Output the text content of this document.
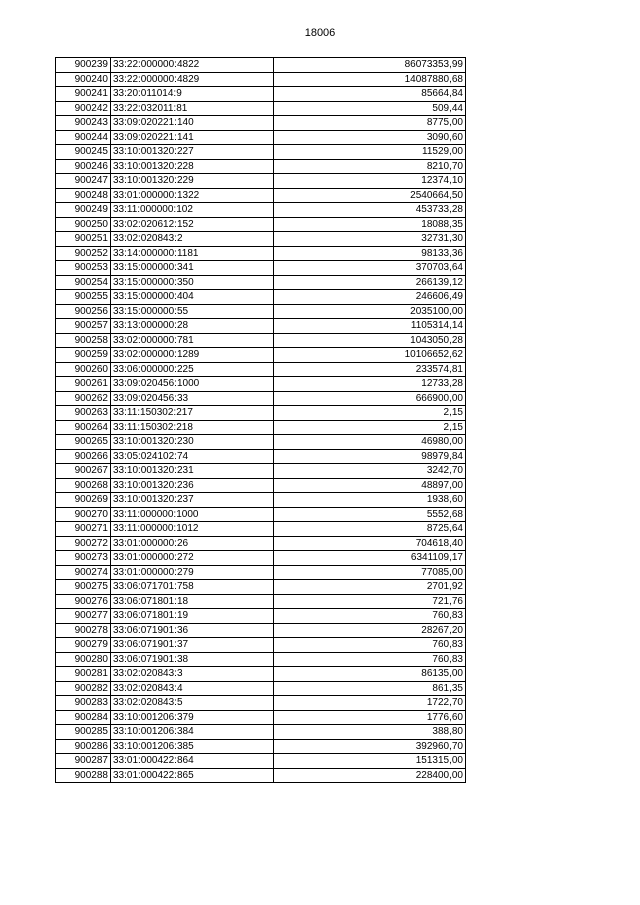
18006
900239	33:22:000000:4822	86073353,99
900240	33:22:000000:4829	14087880,68
900241	33:20:011014:9	85664,84
900242	33:22:032011:81	509,44
900243	33:09:020221:140	8775,00
900244	33:09:020221:141	3090,60
900245	33:10:001320:227	11529,00
900246	33:10:001320:228	8210,70
900247	33:10:001320:229	12374,10
900248	33:01:000000:1322	2540664,50
900249	33:11:000000:102	453733,28
900250	33:02:020612:152	18088,35
900251	33:02:020843:2	32731,30
900252	33:14:000000:1181	98133,36
900253	33:15:000000:341	370703,64
900254	33:15:000000:350	266139,12
900255	33:15:000000:404	246606,49
900256	33:15:000000:55	2035100,00
900257	33:13:000000:28	1105314,14
900258	33:02:000000:781	1043050,28
900259	33:02:000000:1289	10106652,62
900260	33:06:000000:225	233574,81
900261	33:09:020456:1000	12733,28
900262	33:09:020456:33	666900,00
900263	33:11:150302:217	2,15
900264	33:11:150302:218	2,15
900265	33:10:001320:230	46980,00
900266	33:05:024102:74	98979,84
900267	33:10:001320:231	3242,70
900268	33:10:001320:236	48897,00
900269	33:10:001320:237	1938,60
900270	33:11:000000:1000	5552,68
900271	33:11:000000:1012	8725,64
900272	33:01:000000:26	704618,40
900273	33:01:000000:272	6341109,17
900274	33:01:000000:279	77085,00
900275	33:06:071701:758	2701,92
900276	33:06:071801:18	721,76
900277	33:06:071801:19	760,83
900278	33:06:071901:36	28267,20
900279	33:06:071901:37	760,83
900280	33:06:071901:38	760,83
900281	33:02:020843:3	86135,00
900282	33:02:020843:4	861,35
900283	33:02:020843:5	1722,70
900284	33:10:001206:379	1776,60
900285	33:10:001206:384	388,80
900286	33:10:001206:385	392960,70
900287	33:01:000422:864	151315,00
900288	33:01:000422:865	228400,00
